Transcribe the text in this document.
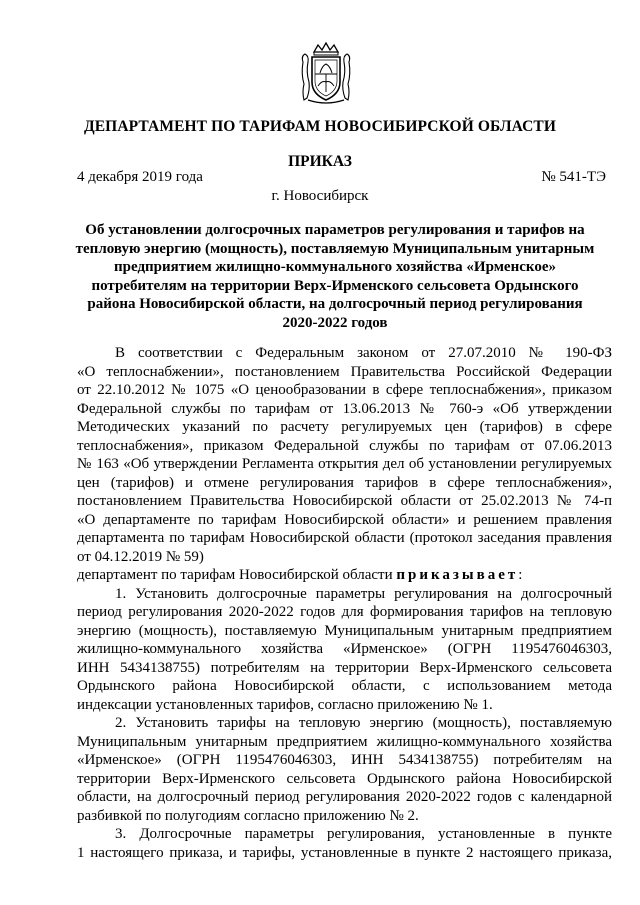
ДЕПАРТАМЕНТ ПО ТАРИФАМ НОВОСИБИРСКОЙ ОБЛАСТИ
ПРИКАЗ
4 декабря 2019 года	№ 541-ТЭ
г. Новосибирск
Об установлении долгосрочных параметров регулирования и тарифов на
тепловую энергию (мощность), поставляемую Муниципальным унитарным
предприятием жилищно-коммунального хозяйства «Ирменское»
потребителям на территории Верх-Ирменского сельсовета Ордынского
района Новосибирской области, на долгосрочный период регулирования
2020-2022 годов
В соответствии с Федеральным законом от 27.07.2010 № 190-ФЗ
«О теплоснабжении», постановлением Правительства Российской Федерации
от 22.10.2012 № 1075 «О ценообразовании в сфере теплоснабжения», приказом
Федеральной службы по тарифам от 13.06.2013 № 760-э «Об утверждении
Методических указаний по расчету регулируемых цен (тарифов) в сфере
теплоснабжения», приказом Федеральной службы по тарифам от 07.06.2013
№ 163 «Об утверждении Регламента открытия дел об установлении регулируемых
цен (тарифов) и отмене регулирования тарифов в сфере теплоснабжения»,
постановлением Правительства Новосибирской области от 25.02.2013 № 74-п
«О департаменте по тарифам Новосибирской области» и решением правления
департамента по тарифам Новосибирской области (протокол заседания правления
от 04.12.2019 № 59)
департамент по тарифам Новосибирской области приказывает:
1. Установить долгосрочные параметры регулирования на долгосрочный
период регулирования 2020-2022 годов для формирования тарифов на тепловую
энергию (мощность), поставляемую Муниципальным унитарным предприятием
жилищно-коммунального хозяйства «Ирменское» (ОГРН 1195476046303,
ИНН 5434138755) потребителям на территории Верх-Ирменского сельсовета
Ордынского района Новосибирской области, с использованием метода
индексации установленных тарифов, согласно приложению № 1.
2. Установить тарифы на тепловую энергию (мощность), поставляемую
Муниципальным унитарным предприятием жилищно-коммунального хозяйства
«Ирменское» (ОГРН 1195476046303, ИНН 5434138755) потребителям на
территории Верх-Ирменского сельсовета Ордынского района Новосибирской
области, на долгосрочный период регулирования 2020-2022 годов с календарной
разбивкой по полугодиям согласно приложению № 2.
3. Долгосрочные параметры регулирования, установленные в пункте
1 настоящего приказа, и тарифы, установленные в пункте 2 настоящего приказа,
